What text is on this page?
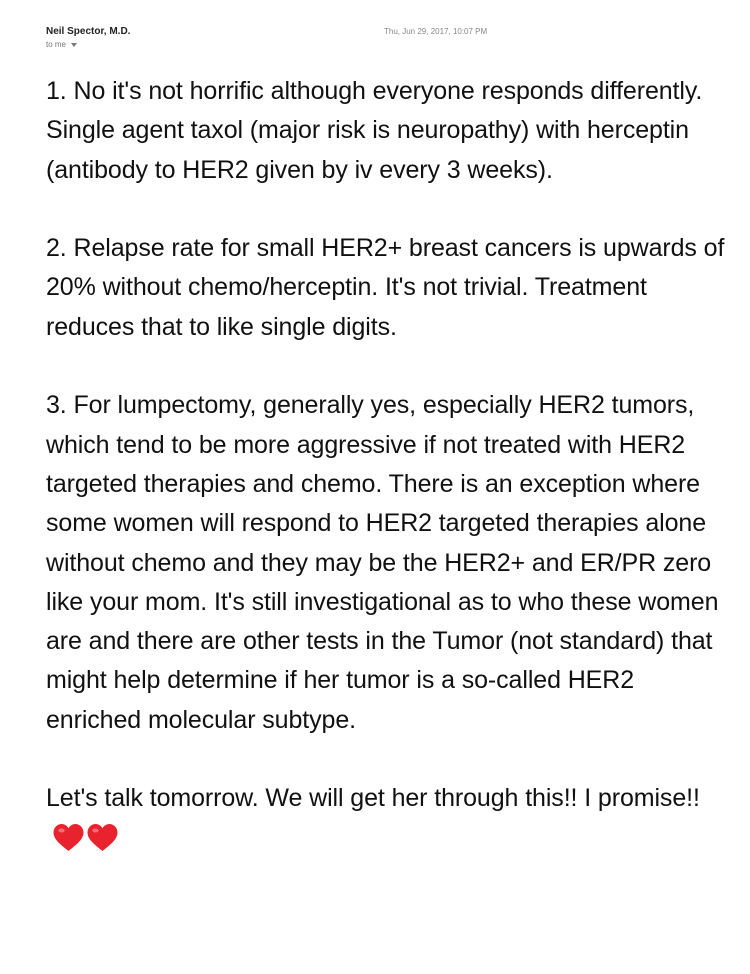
Neil Spector, M.D.
to me
Thu, Jun 29, 2017, 10:07 PM

1. No it's not horrific although everyone responds differently. Single agent taxol (major risk is neuropathy) with herceptin (antibody to HER2 given by iv every 3 weeks).

2. Relapse rate for small HER2+ breast cancers is upwards of 20% without chemo/herceptin. It's not trivial. Treatment reduces that to like single digits.

3. For lumpectomy, generally yes, especially HER2 tumors, which tend to be more aggressive if not treated with HER2 targeted therapies and chemo. There is an exception where some women will respond to HER2 targeted therapies alone without chemo and they may be the HER2+ and ER/PR zero like your mom. It's still investigational as to who these women are and there are other tests in the Tumor (not standard) that might help determine if her tumor is a so-called HER2 enriched molecular subtype.

Let's talk tomorrow. We will get her through this!! I promise!!
